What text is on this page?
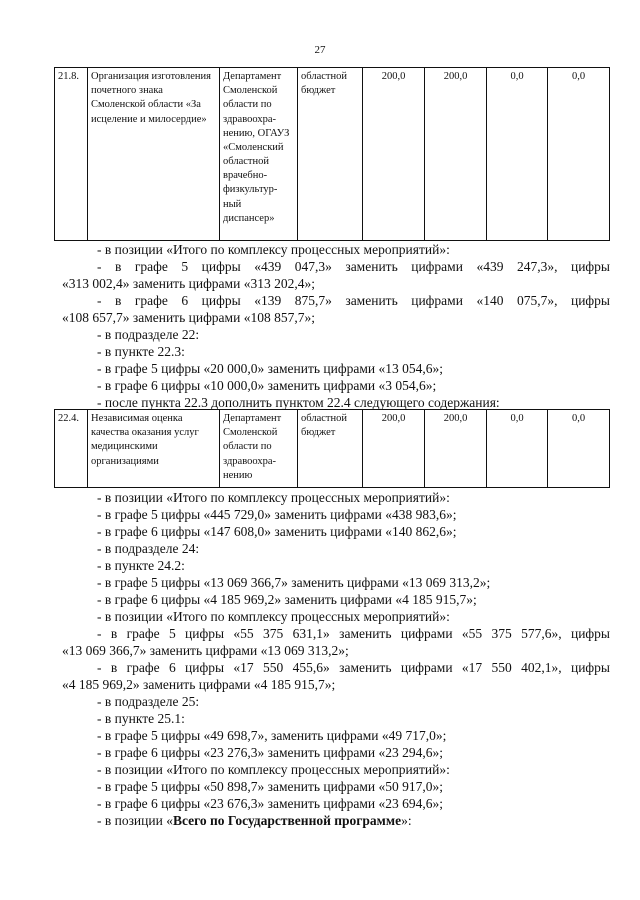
27
21.8.	Организация изготовления почетного знака Смоленской области «За исцеление и милосердие»	Департамент Смоленской области по здравоохра- нению, ОГАУЗ «Смоленский областной врачебно- физкультур- ный диспансер»	областной бюджет	200,0	200,0	0,0	0,0

- в позиции «Итого по комплексу процессных мероприятий»:

- в графе 5 цифры «439 047,3» заменить цифрами «439 247,3», цифры

«313 002,4» заменить цифрами «313 202,4»;

- в графе 6 цифры «139 875,7» заменить цифрами «140 075,7», цифры

«108 657,7» заменить цифрами «108 857,7»;

- в подразделе 22:

- в пункте 22.3:

- в графе 5 цифры «20 000,0» заменить цифрами «13 054,6»;

- в графе 6 цифры «10 000,0» заменить цифрами «3 054,6»;

- после пункта 22.3 дополнить пунктом 22.4 следующего содержания:

22.4.	Независимая оценка качества оказания услуг медицинскими организациями	Департамент Смоленской области по здравоохра- нению	областной бюджет	200,0	200,0	0,0	0,0

- в позиции «Итого по комплексу процессных мероприятий»:

- в графе 5 цифры «445 729,0» заменить цифрами «438 983,6»;

- в графе 6 цифры «147 608,0» заменить цифрами «140 862,6»;

- в подразделе 24:

- в пункте 24.2:

- в графе 5 цифры «13 069 366,7» заменить цифрами «13 069 313,2»;

- в графе 6 цифры «4 185 969,2» заменить цифрами «4 185 915,7»;

- в позиции «Итого по комплексу процессных мероприятий»:

- в графе 5 цифры «55 375 631,1» заменить цифрами «55 375 577,6», цифры

«13 069 366,7» заменить цифрами «13 069 313,2»;

- в графе 6 цифры «17 550 455,6» заменить цифрами «17 550 402,1», цифры

«4 185 969,2» заменить цифрами «4 185 915,7»;

- в подразделе 25:

- в пункте 25.1:

- в графе 5 цифры «49 698,7», заменить цифрами «49 717,0»;

- в графе 6 цифры «23 276,3» заменить цифрами «23 294,6»;

- в позиции «Итого по комплексу процессных мероприятий»:

- в графе 5 цифры «50 898,7» заменить цифрами «50 917,0»;

- в графе 6 цифры «23 676,3» заменить цифрами «23 694,6»;

- в позиции «Всего по Государственной программе»:
